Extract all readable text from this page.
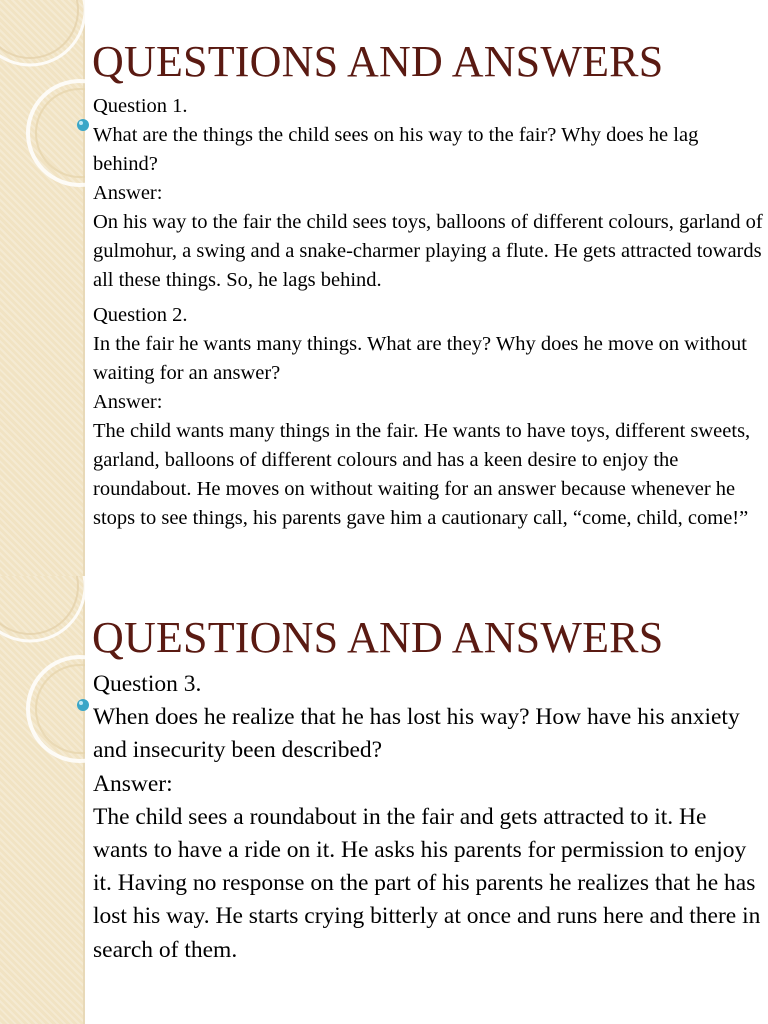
QUESTIONS AND ANSWERS

Question 1.

What are the things the child sees on his way to the fair? Why does he lag behind?

Answer:

On his way to the fair the child sees toys, balloons of different colours, garland of gulmohur, a swing and a snake-charmer playing a flute. He gets attracted towards all these things. So, he lags behind.

Question 2.

In the fair he wants many things. What are they? Why does he move on without waiting for an answer?

Answer:

The child wants many things in the fair. He wants to have toys, different sweets, garland, balloons of different colours and has a keen desire to enjoy the roundabout. He moves on without waiting for an answer because whenever he stops to see things, his parents gave him a cautionary call, “come, child, come!”

QUESTIONS AND ANSWERS

Question 3.

When does he realize that he has lost his way? How have his anxiety and insecurity been described?

Answer:

The child sees a roundabout in the fair and gets attracted to it. He wants to have a ride on it. He asks his parents for permission to enjoy it. Having no response on the part of his parents he realizes that he has lost his way. He starts crying bitterly at once and runs here and there in search of them.
